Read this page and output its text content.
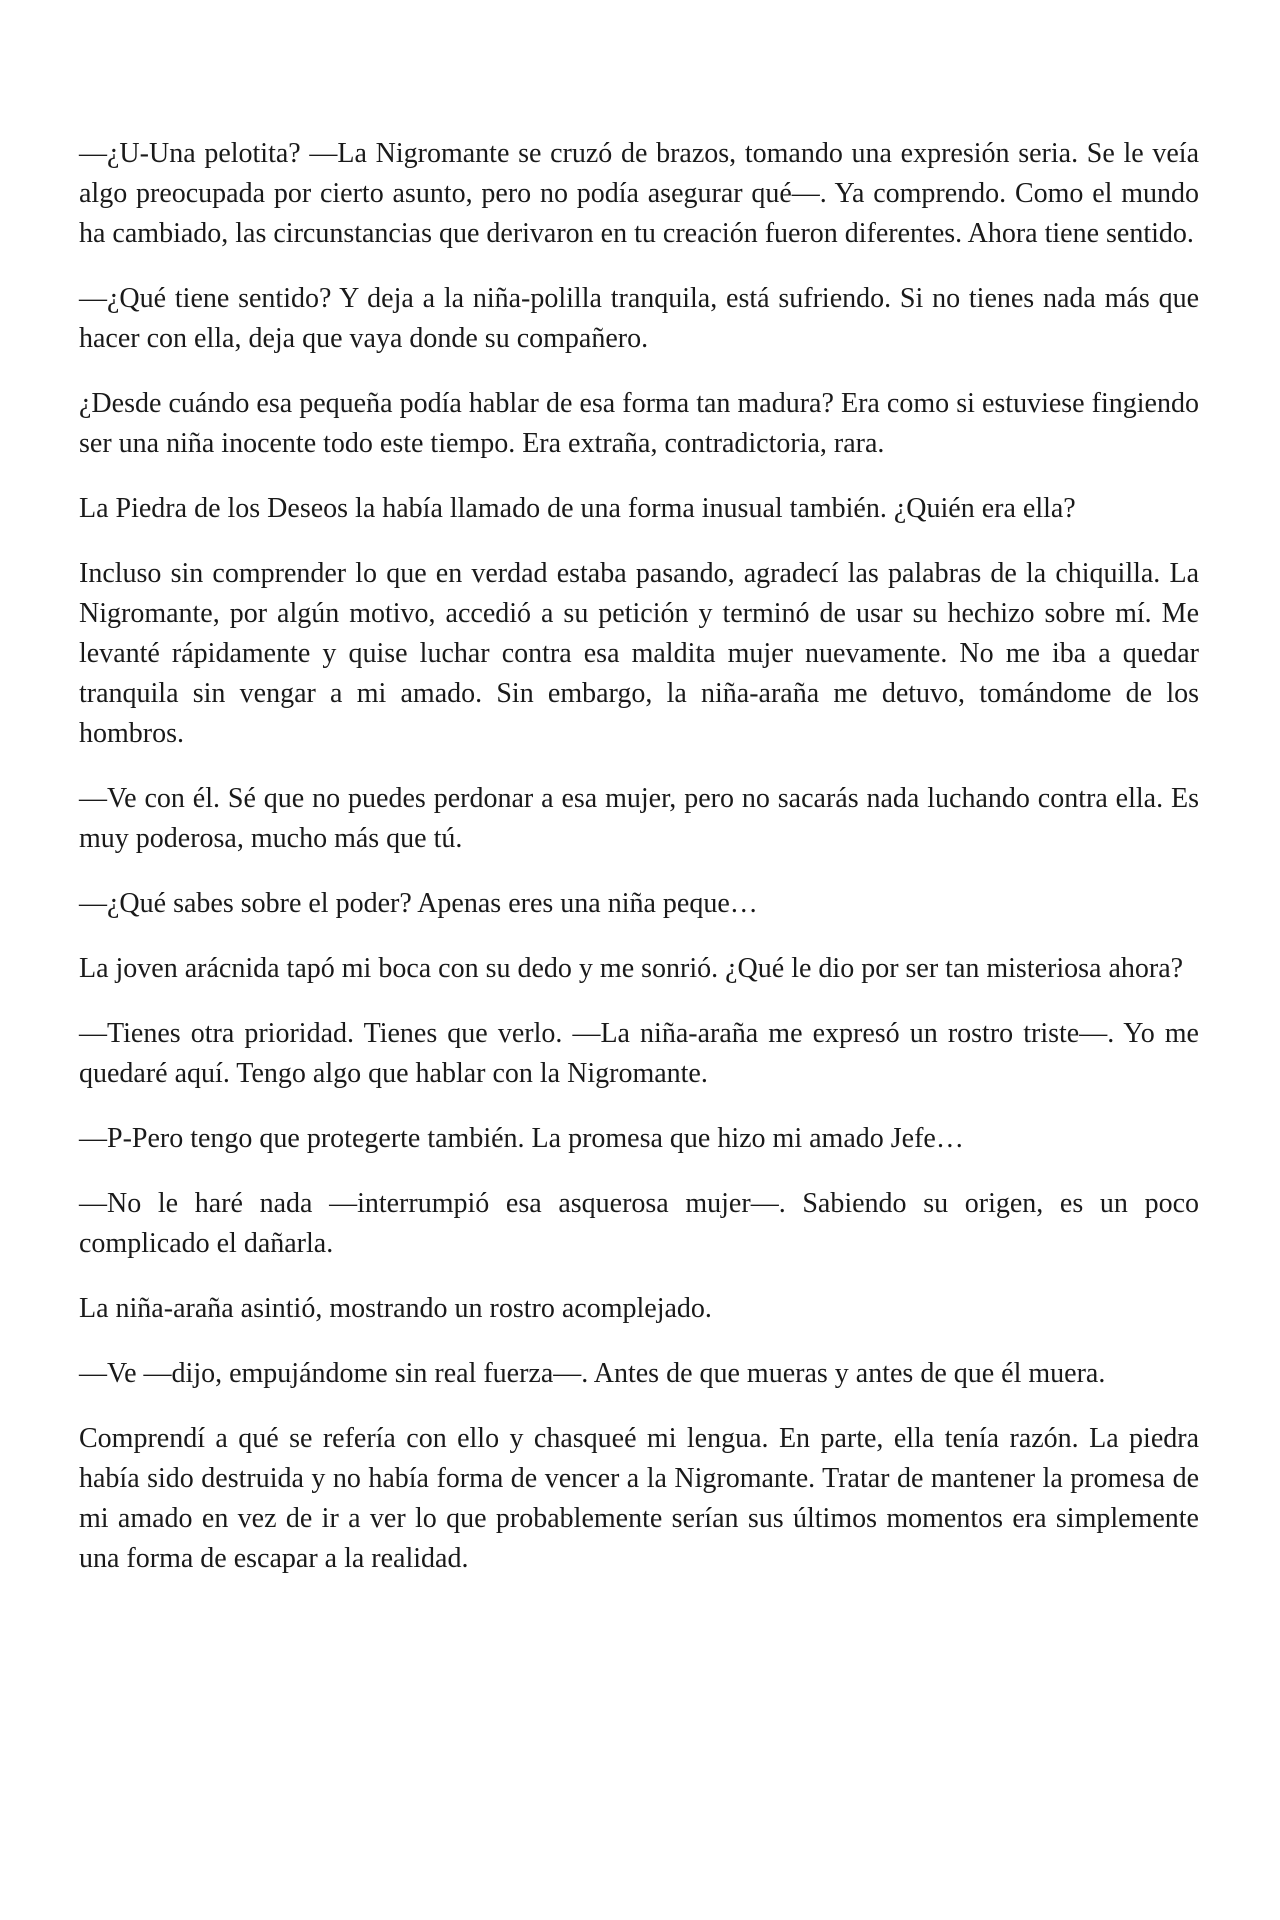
—¿U-Una pelotita? —La Nigromante se cruzó de brazos, tomando una expresión seria. Se le veía algo preocupada por cierto asunto, pero no podía asegurar qué—. Ya comprendo. Como el mundo ha cambiado, las circunstancias que derivaron en tu creación fueron diferentes. Ahora tiene sentido.

—¿Qué tiene sentido? Y deja a la niña-polilla tranquila, está sufriendo. Si no tienes nada más que hacer con ella, deja que vaya donde su compañero.

¿Desde cuándo esa pequeña podía hablar de esa forma tan madura? Era como si estuviese fingiendo ser una niña inocente todo este tiempo. Era extraña, contradictoria, rara.

La Piedra de los Deseos la había llamado de una forma inusual también. ¿Quién era ella?

Incluso sin comprender lo que en verdad estaba pasando, agradecí las palabras de la chiquilla. La Nigromante, por algún motivo, accedió a su petición y terminó de usar su hechizo sobre mí. Me levanté rápidamente y quise luchar contra esa maldita mujer nuevamente. No me iba a quedar tranquila sin vengar a mi amado. Sin embargo, la niña-araña me detuvo, tomándome de los hombros.

—Ve con él. Sé que no puedes perdonar a esa mujer, pero no sacarás nada luchando contra ella. Es muy poderosa, mucho más que tú.

—¿Qué sabes sobre el poder? Apenas eres una niña peque…

La joven arácnida tapó mi boca con su dedo y me sonrió. ¿Qué le dio por ser tan misteriosa ahora?

—Tienes otra prioridad. Tienes que verlo. —La niña-araña me expresó un rostro triste—. Yo me quedaré aquí. Tengo algo que hablar con la Nigromante.

—P-Pero tengo que protegerte también. La promesa que hizo mi amado Jefe…

—No le haré nada —interrumpió esa asquerosa mujer—. Sabiendo su origen, es un poco complicado el dañarla.

La niña-araña asintió, mostrando un rostro acomplejado.

—Ve —dijo, empujándome sin real fuerza—. Antes de que mueras y antes de que él muera.

Comprendí a qué se refería con ello y chasqueé mi lengua. En parte, ella tenía razón. La piedra había sido destruida y no había forma de vencer a la Nigromante. Tratar de mantener la promesa de mi amado en vez de ir a ver lo que probablemente serían sus últimos momentos era simplemente una forma de escapar a la realidad.
